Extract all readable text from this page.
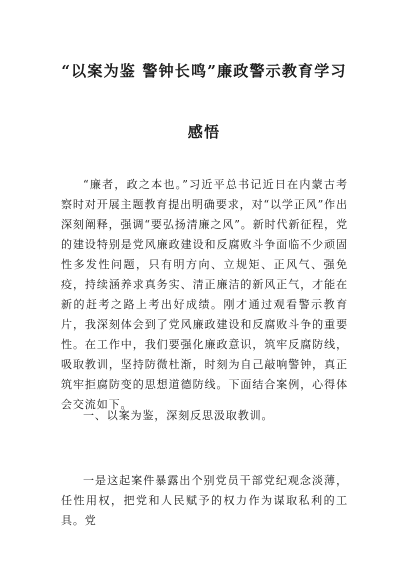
“以案为鉴 警钟长鸣”廉政警示教育学习
感悟

“廉者，政之本也。”习近平总书记近日在内蒙古考察时对开展主题教育提出明确要求，对“以学正风”作出深刻阐释，强调“要弘扬清廉之风”。新时代新征程，党的建设特别是党风廉政建设和反腐败斗争面临不少顽固性多发性问题，只有明方向、立规矩、正风气、强免疫，持续涵养求真务实、清正廉洁的新风正气，才能在新的赶考之路上考出好成绩。刚才通过观看警示教育片，我深刻体会到了党风廉政建设和反腐败斗争的重要性。在工作中，我们要强化廉政意识，筑牢反腐防线，吸取教训，坚持防微杜渐，时刻为自己敲响警钟，真正筑牢拒腐防变的思想道德防线。下面结合案例，心得体会交流如下。

一、以案为鉴，深刻反思汲取教训。

一是这起案件暴露出个别党员干部党纪观念淡薄，任性用权，把党和人民赋予的权力作为谋取私利的工具。党
